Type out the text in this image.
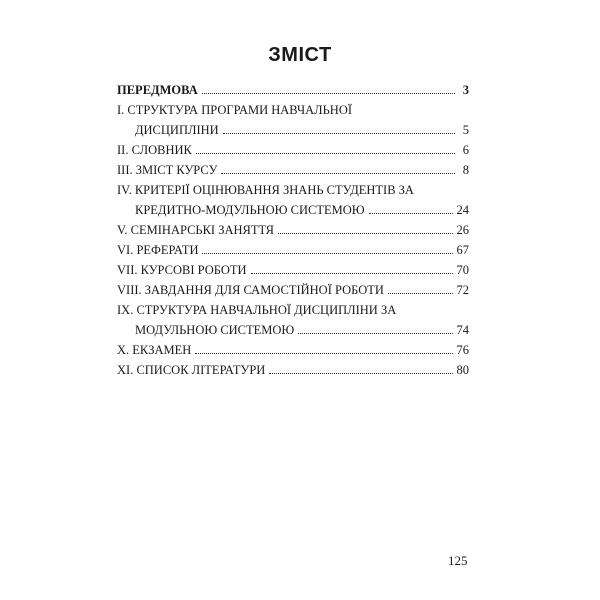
ЗМІСТ
ПЕРЕДМОВА	3
I. СТРУКТУРА ПРОГРАМИ НАВЧАЛЬНОЇ
ДИСЦИПЛІНИ	5
II. СЛОВНИК	6
III. ЗМІСТ КУРСУ	8
IV. КРИТЕРІЇ ОЦІНЮВАННЯ ЗНАНЬ СТУДЕНТІВ ЗА
КРЕДИТНО-МОДУЛЬНОЮ СИСТЕМОЮ	24
V. СЕМІНАРСЬКІ ЗАНЯТТЯ	26
VI. РЕФЕРАТИ	67
VII. КУРСОВІ РОБОТИ	70
VIII. ЗАВДАННЯ ДЛЯ САМОСТІЙНОЇ РОБОТИ	72
IX. СТРУКТУРА НАВЧАЛЬНОЇ ДИСЦИПЛІНИ ЗА
МОДУЛЬНОЮ СИСТЕМОЮ	74
X. ЕКЗАМЕН	76
XI. СПИСОК ЛІТЕРАТУРИ	80
125
